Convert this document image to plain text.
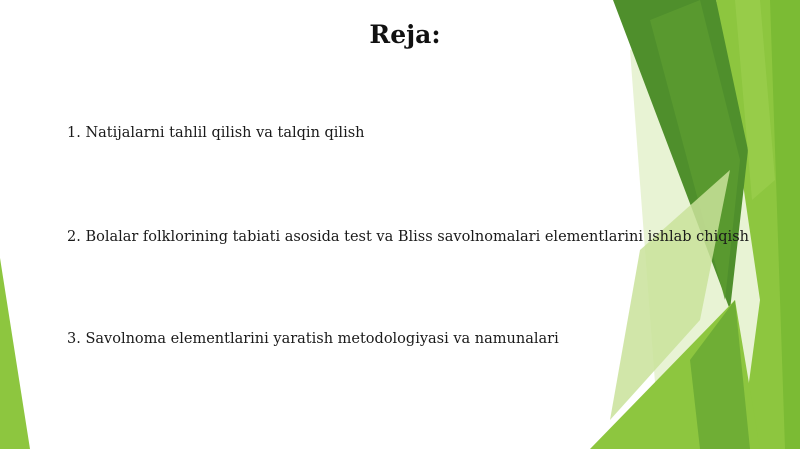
Reja:

1. Natijalarni tahlil qilish va talqin qilish

2. Bolalar folklorining tabiati asosida test va Bliss savolnomalari elementlarini ishlab chiqish

3. Savolnoma elementlarini yaratish metodologiyasi va namunalari
